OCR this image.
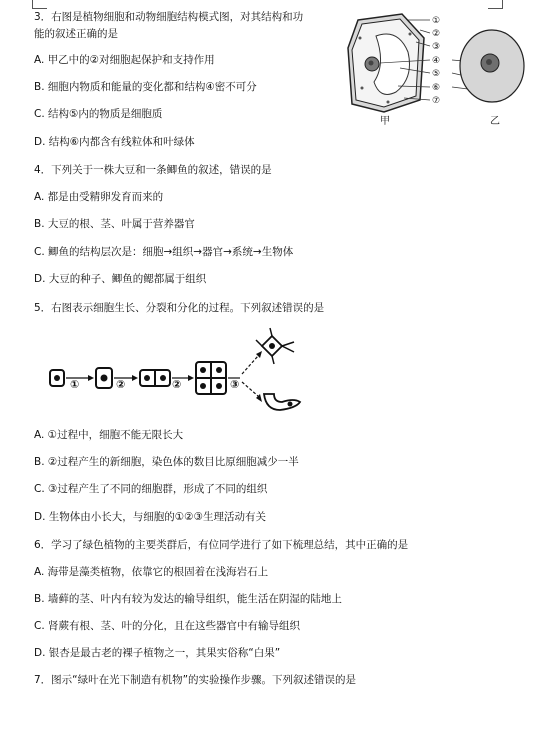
3．右图是植物细胞和动物细胞结构模式图，对其结构和功
能的叙述正确的是
A. 甲乙中的②对细胞起保护和支持作用
B. 细胞内物质和能量的变化都和结构④密不可分
C. 结构⑤内的物质是细胞质
D. 结构⑥内都含有线粒体和叶绿体
①
②
③
④
⑤
⑥
⑦
甲	乙
4．下列关于一株大豆和一条鲫鱼的叙述，错误的是
A. 都是由受精卵发育而来的
B. 大豆的根、茎、叶属于营养器官
C. 鲫鱼的结构层次是：细胞→组织→器官→系统→生物体
D. 大豆的种子、鲫鱼的鳃都属于组织
5．右图表示细胞生长、分裂和分化的过程。下列叙述错误的是
①	②	②	③
A. ①过程中，细胞不能无限长大
B. ②过程产生的新细胞，染色体的数目比原细胞减少一半
C. ③过程产生了不同的细胞群，形成了不同的组织
D. 生物体由小长大，与细胞的①②③生理活动有关
6．学习了绿色植物的主要类群后，有位同学进行了如下梳理总结，其中正确的是
A. 海带是藻类植物，依靠它的根固着在浅海岩石上
B. 墙藓的茎、叶内有较为发达的输导组织，能生活在阴湿的陆地上
C. 肾蕨有根、茎、叶的分化，且在这些器官中有输导组织
D. 银杏是最古老的裸子植物之一，其果实俗称“白果”
7．图示“绿叶在光下制造有机物”的实验操作步骤。下列叙述错误的是
